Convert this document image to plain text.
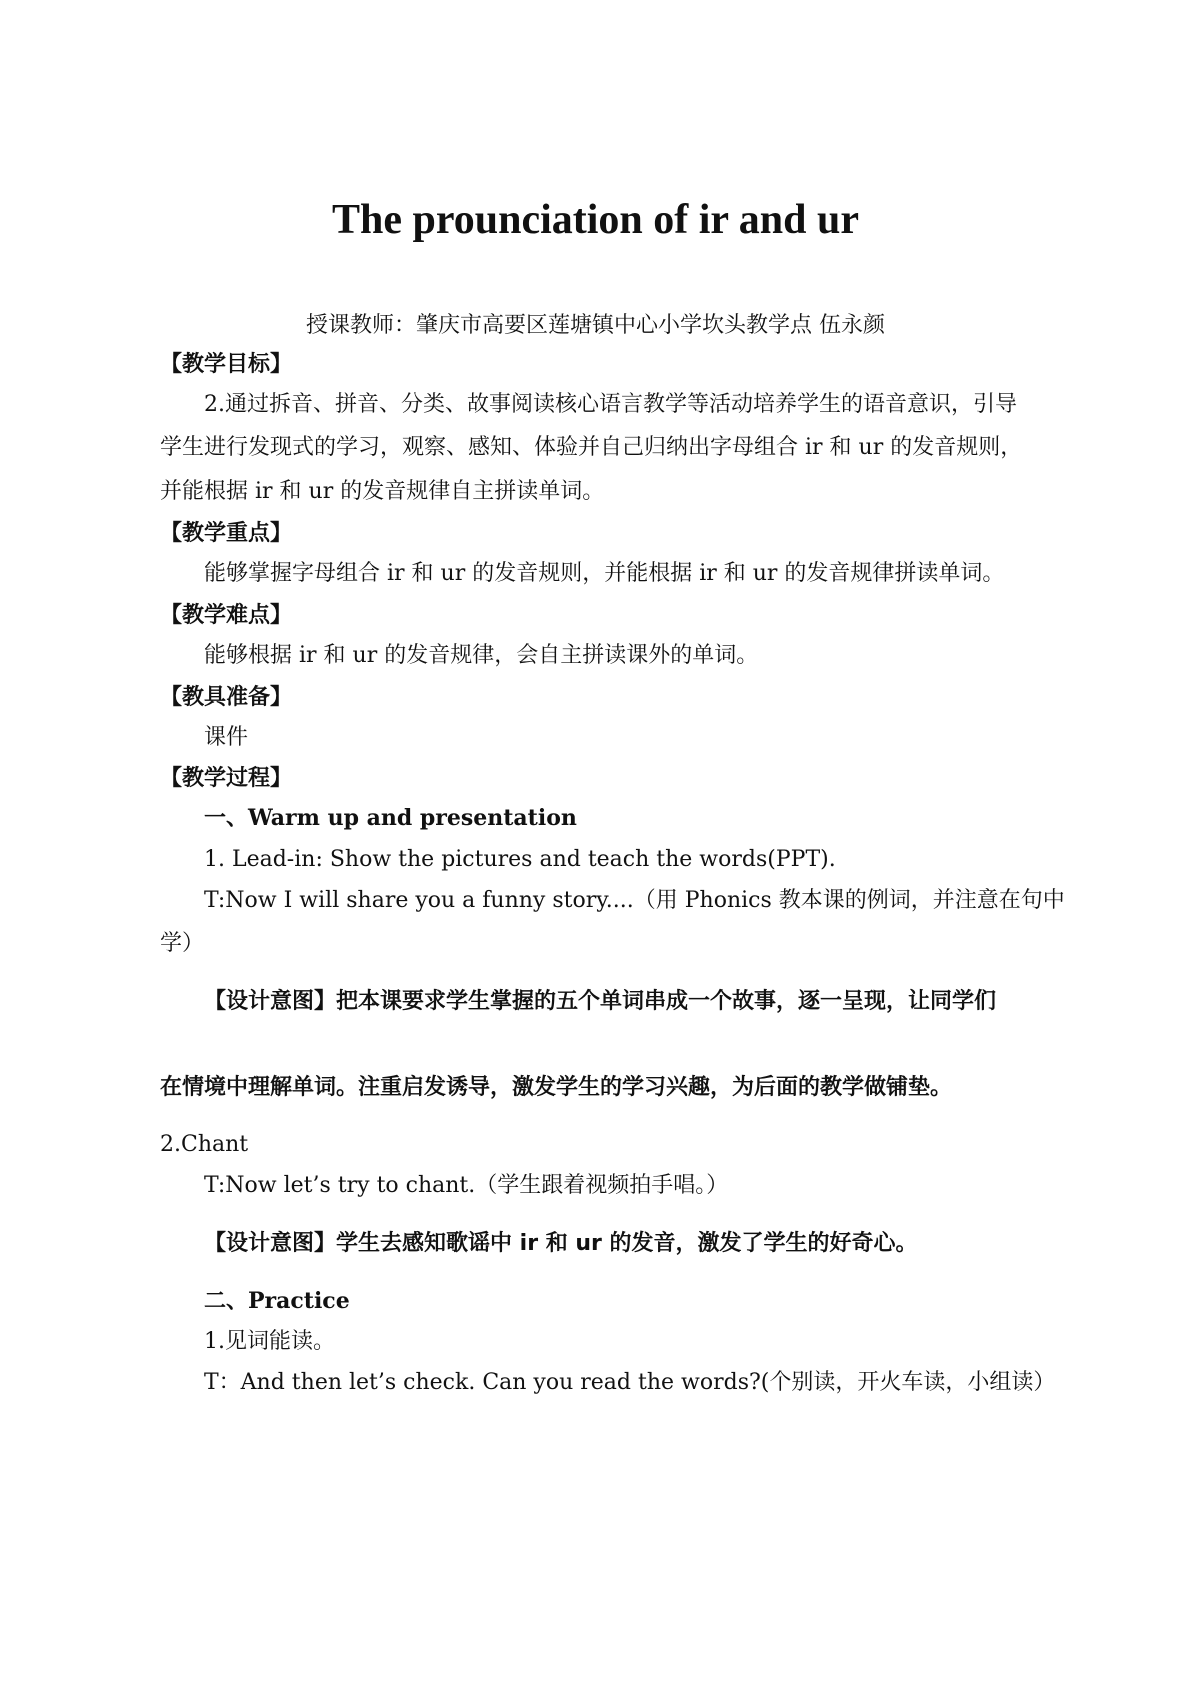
The prounciation of ir and ur
授课教师：肇庆市高要区莲塘镇中心小学坎头教学点 伍永颜
【教学目标】
2.通过拆音、拼音、分类、故事阅读核心语言教学等活动培养学生的语音意识，引导
学生进行发现式的学习，观察、感知、体验并自己归纳出字母组合 ir 和 ur 的发音规则，
并能根据 ir 和 ur 的发音规律自主拼读单词。
【教学重点】
能够掌握字母组合 ir 和 ur 的发音规则，并能根据 ir 和 ur 的发音规律拼读单词。
【教学难点】
能够根据 ir 和 ur 的发音规律，会自主拼读课外的单词。
【教具准备】
课件
【教学过程】
一、Warm up and presentation
1. Lead-in: Show the pictures and teach the words(PPT).
T:Now I will share you a funny story....（用 Phonics 教本课的例词，并注意在句中
学）
【设计意图】把本课要求学生掌握的五个单词串成一个故事，逐一呈现，让同学们
在情境中理解单词。注重启发诱导，激发学生的学习兴趣，为后面的教学做铺垫。
2.Chant
T:Now let’s try to chant.（学生跟着视频拍手唱。）
【设计意图】学生去感知歌谣中 ir 和 ur 的发音，激发了学生的好奇心。
二、Practice
1.见词能读。
T：And then let’s check. Can you read the words?(个别读，开火车读，小组读）
